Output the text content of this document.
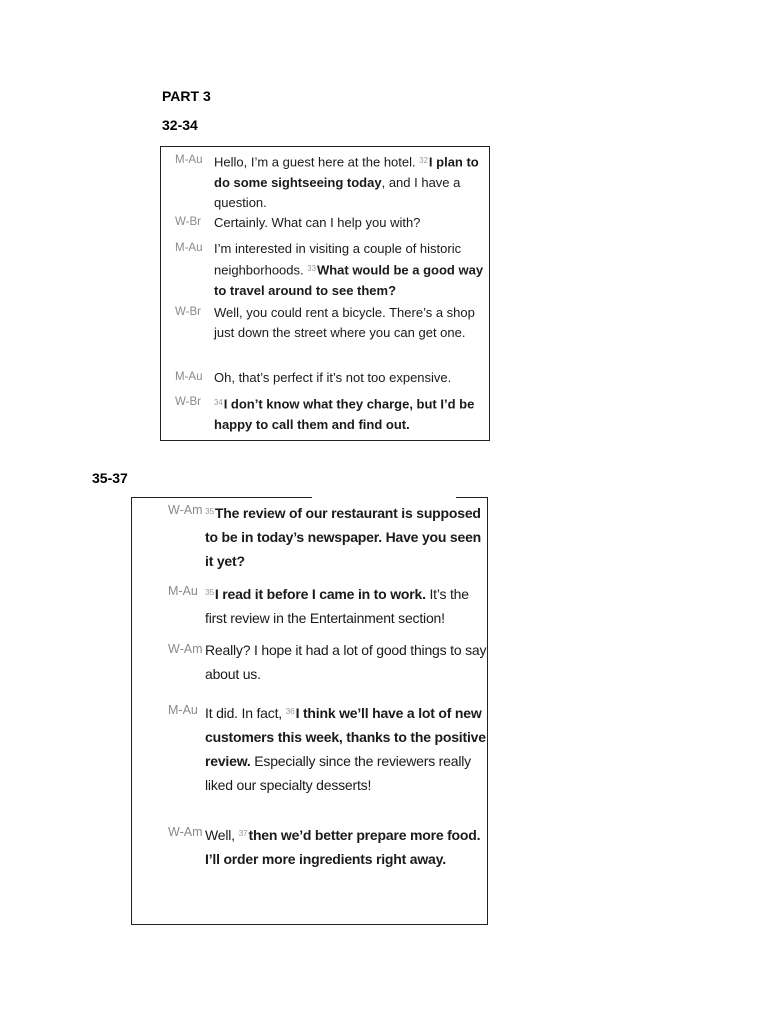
PART 3
32-34
M-Au Hello, I’m a guest here at the hotel. $^{32}$I plan to do some sightseeing today, and I have a question.
W-Br Certainly. What can I help you with?
M-Au I’m interested in visiting a couple of historic neighborhoods. $^{33}$What would be a good way to travel around to see them?
W-Br Well, you could rent a bicycle. There’s a shop just down the street where you can get one.
M-Au Oh, that’s perfect if it’s not too expensive.
W-Br $^{34}$I don’t know what they charge, but I’d be happy to call them and find out.
35-37
W-Am $^{35}$The review of our restaurant is supposed to be in today’s newspaper. Have you seen it yet?
M-Au $^{35}$I read it before I came in to work. It’s the first review in the Entertainment section!
W-Am Really? I hope it had a lot of good things to say about us.
M-Au It did. In fact, $^{36}$I think we’ll have a lot of new customers this week, thanks to the positive review. Especially since the reviewers really liked our specialty desserts!
W-Am Well, $^{37}$then we’d better prepare more food. I’ll order more ingredients right away.
